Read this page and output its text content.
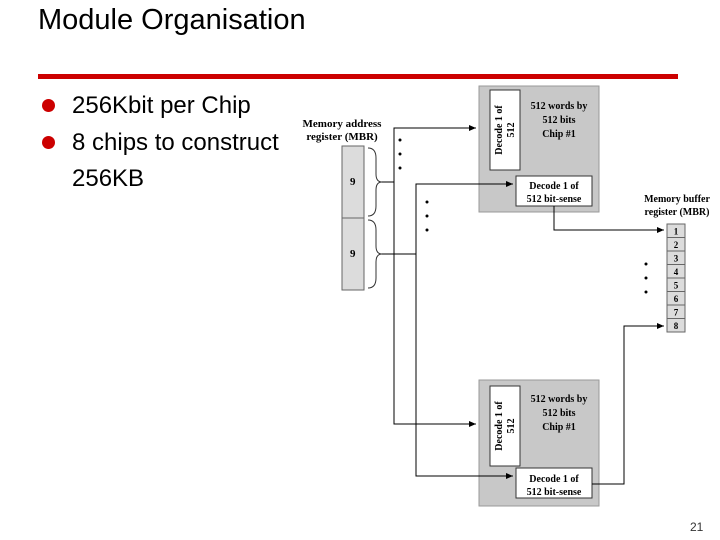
Module Organisation
256Kbit per Chip
8 chips to construct 256KB
Memory address
register (MBR)
9
9
Decode 1 of 512
512 words by
512 bits
Chip #1
Decode 1 of
512 bit-sense
Decode 1 of 512
512 words by
512 bits
Chip #1
Decode 1 of
512 bit-sense
Memory buffer
register (MBR)
1
2
3
4
5
6
7
8
21
